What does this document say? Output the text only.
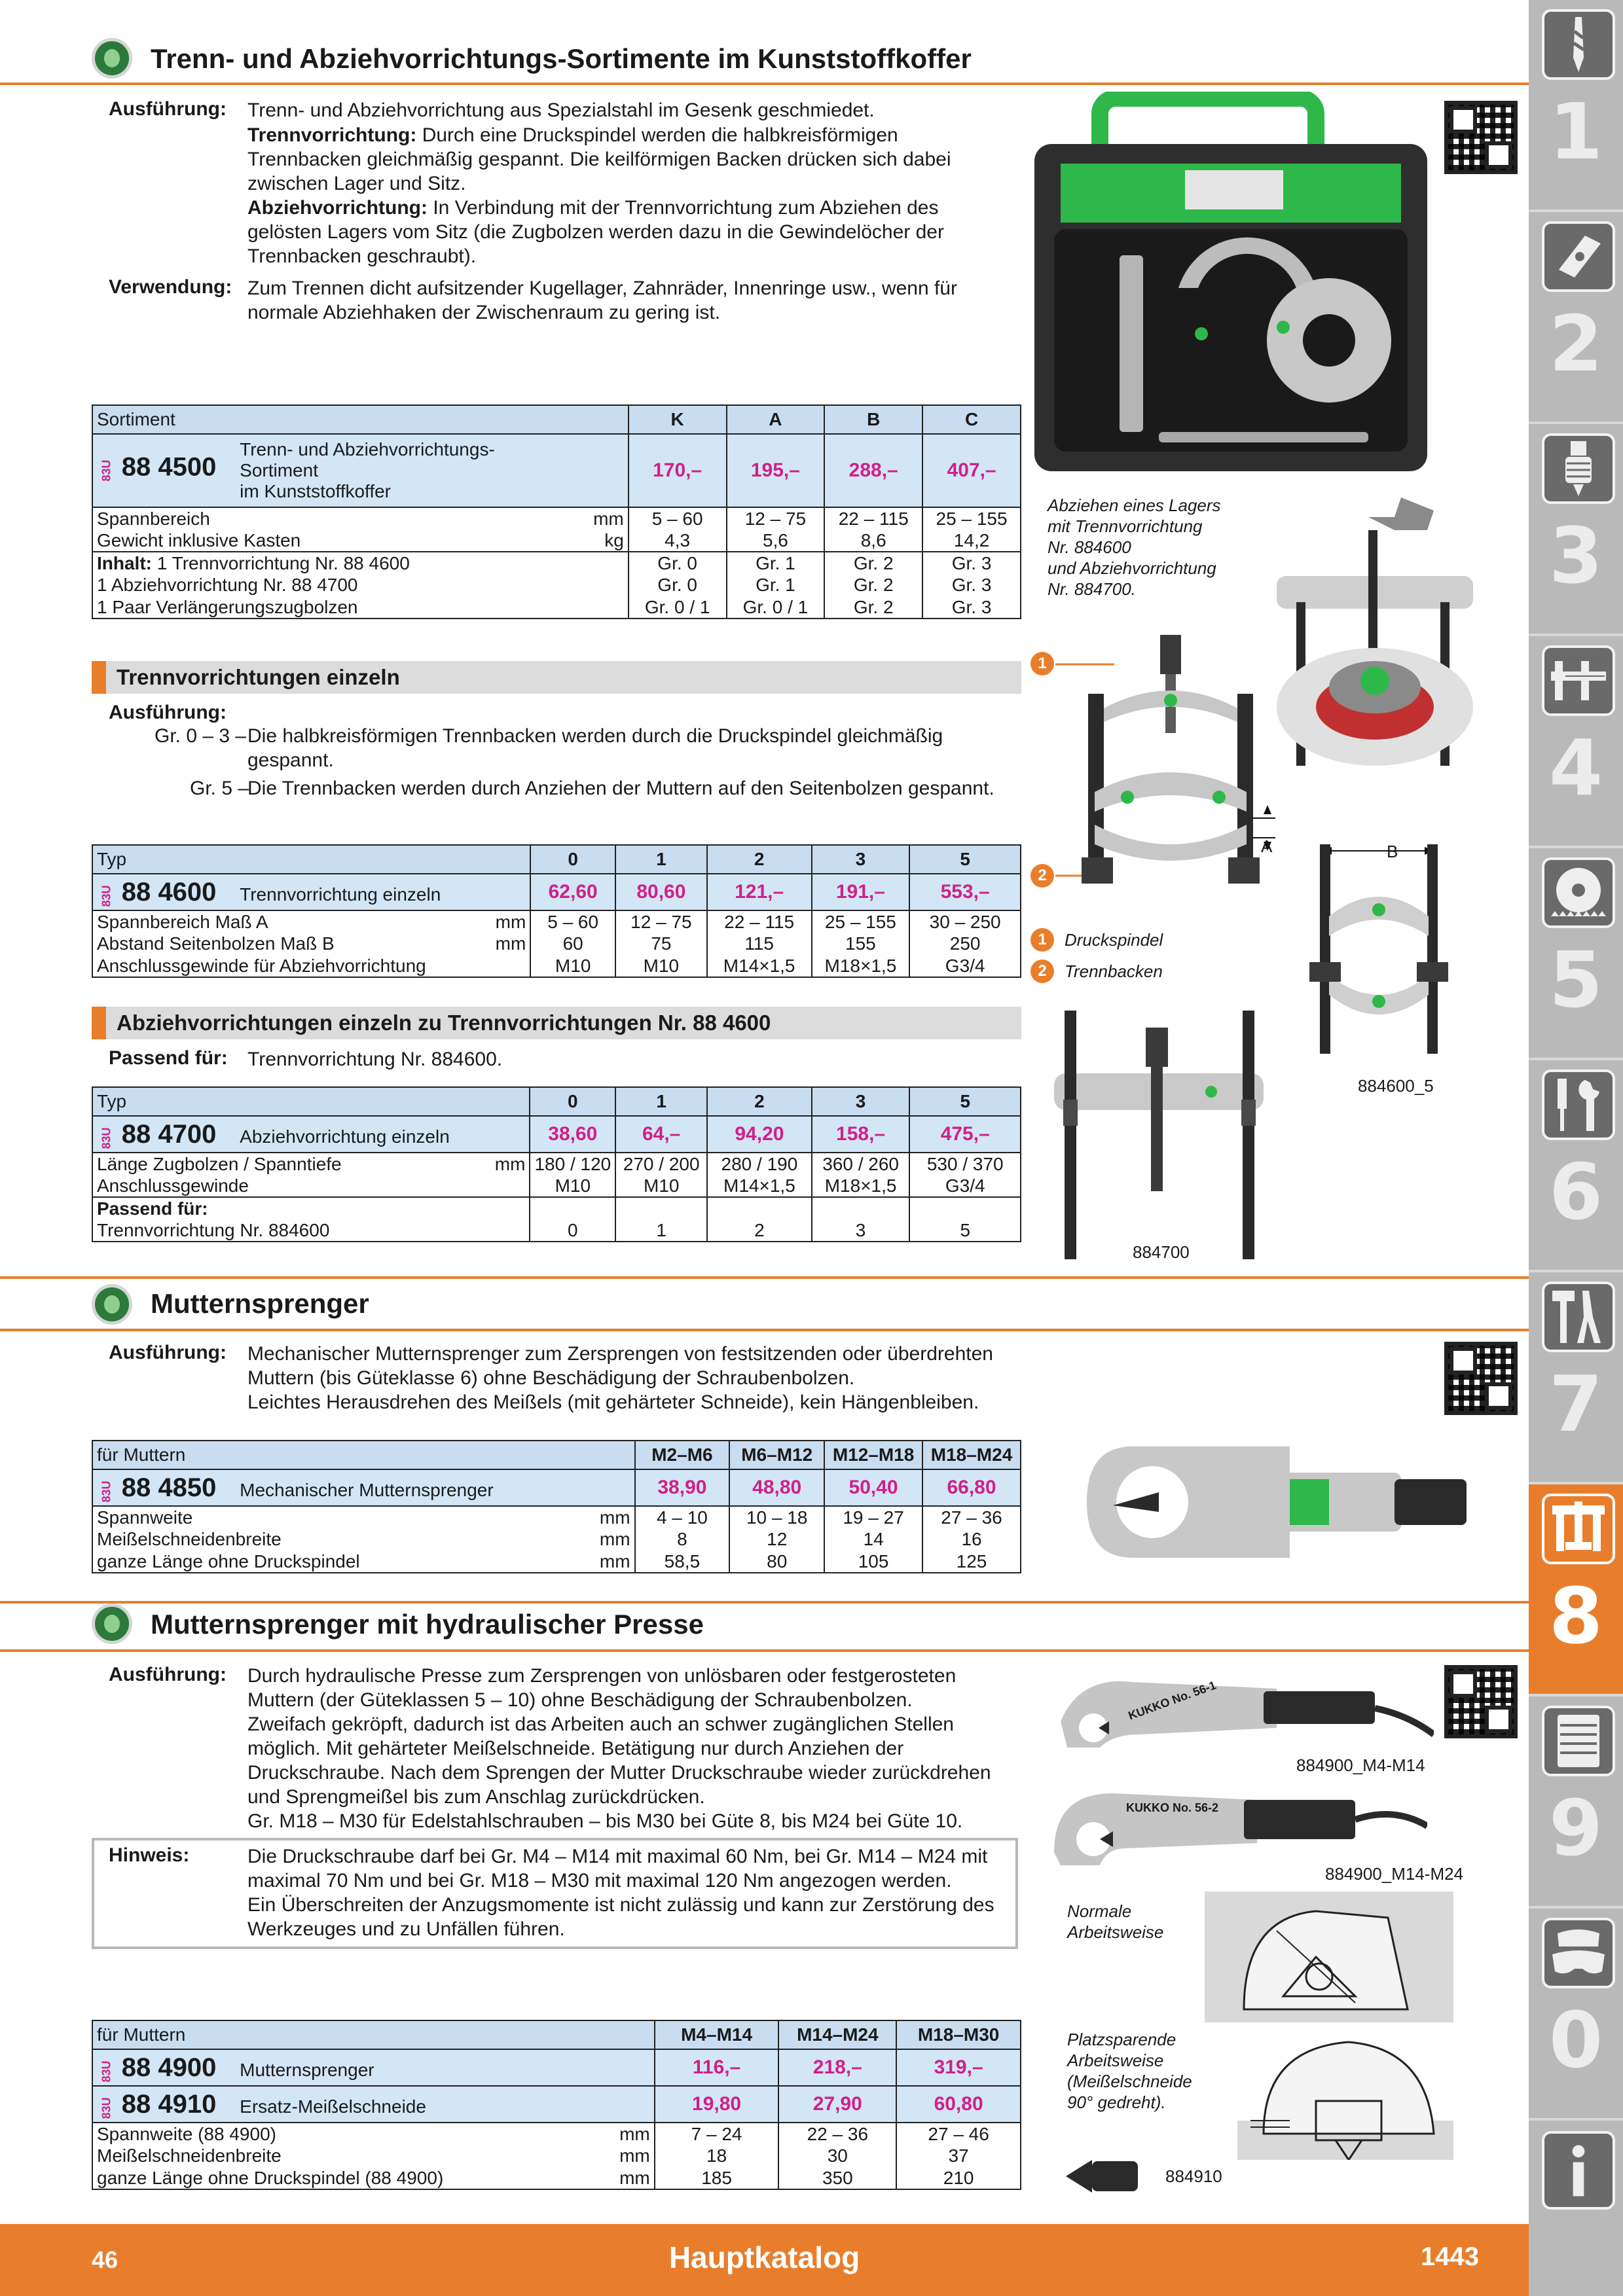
1
2
3
4
5
6
7
8
9
0
46	Hauptkatalog	1443
Trenn- und Abziehvorrichtungs-Sortimente im Kunststoffkoffer
Ausführung: Trenn- und Abziehvorrichtung aus Spezialstahl im Gesenk geschmiedet.
Trennvorrichtung: Durch eine Druckspindel werden die halbkreisförmigen
Trennbacken gleichmäßig gespannt. Die keilförmigen Backen drücken sich dabei
zwischen Lager und Sitz.
Abziehvorrichtung: In Verbindung mit der Trennvorrichtung zum Abziehen des
gelösten Lagers vom Sitz (die Zugbolzen werden dazu in die Gewindelöcher der
Trennbacken geschraubt).
Verwendung: Zum Trennen dicht aufsitzender Kugellager, Zahnräder, Innenringe usw., wenn für
normale Abziehhaken der Zwischenraum zu gering ist.
Abziehen eines Lagers
mit Trennvorrichtung
Nr. 884600
und Abziehvorrichtung
Nr. 884700.
Sortiment		K	A	B	C
83U 88 4500 Trenn- und Abziehvorrichtungs-
Sortiment
im Kunststoffkoffer		170,–	195,–	288,–	407,–
Spannbereich	mm	5 – 60	12 – 75	22 – 115	25 – 155
Gewicht inklusive Kasten	kg	4,3	5,6	8,6	14,2
Inhalt: 1 Trennvorrichtung Nr. 88 4600		Gr. 0	Gr. 1	Gr. 2	Gr. 3
1 Abziehvorrichtung Nr. 88 4700		Gr. 0	Gr. 1	Gr. 2	Gr. 3
1 Paar Verlängerungszugbolzen		Gr. 0 / 1	Gr. 0 / 1	Gr. 2	Gr. 3
Trennvorrichtungen einzeln
Ausführung:
Gr. 0 – 3 – Die halbkreisförmigen Trennbacken werden durch die Druckspindel gleichmäßig
gespannt.
Gr. 5 –
Die Trennbacken werden durch Anziehen der Muttern auf den Seitenbolzen gespannt.
1
2
A
1	Druckspindel
2	Trennbacken
B
884600_5
Typ		0	1	2	3	5
83U 88 4600 Trennvorrichtung einzeln		62,60	80,60	121,–	191,–	553,–
Spannbereich Maß A	mm	5 – 60	12 – 75	22 – 115	25 – 155	30 – 250
Abstand Seitenbolzen Maß B	mm	60	75	115	155	250
Anschlussgewinde für Abziehvorrichtung		M10	M10	M14×1,5	M18×1,5	G3/4
Abziehvorrichtungen einzeln zu Trennvorrichtungen Nr. 88 4600
Passend für: Trennvorrichtung Nr. 884600.
884700
Typ		0	1	2	3	5
83U 88 4700 Abziehvorrichtung einzeln		38,60	64,–	94,20	158,–	475,–
Länge Zugbolzen / Spanntiefe	mm	180 / 120	270 / 200	280 / 190	360 / 260	530 / 370
Anschlussgewinde		M10	M10	M14×1,5	M18×1,5	G3/4
Passend für:						
Trennvorrichtung Nr. 884600		0	1	2	3	5
Mutternsprenger
Ausführung: Mechanischer Mutternsprenger zum Zersprengen von festsitzenden oder überdrehten
Muttern (bis Güteklasse 6) ohne Beschädigung der Schraubenbolzen.
Leichtes Herausdrehen des Meißels (mit gehärteter Schneide), kein Hängenbleiben.
für Muttern		M2–M6	M6–M12	M12–M18	M18–M24
83U 88 4850 Mechanischer Mutternsprenger		38,90	48,80	50,40	66,80
Spannweite	mm	4 – 10	10 – 18	19 – 27	27 – 36
Meißelschneidenbreite	mm	8	12	14	16
ganze Länge ohne Druckspindel	mm	58,5	80	105	125
Mutternsprenger mit hydraulischer Presse
Ausführung: Durch hydraulische Presse zum Zersprengen von unlösbaren oder festgerosteten
Muttern (der Güteklassen 5 – 10) ohne Beschädigung der Schraubenbolzen.
Zweifach gekröpft, dadurch ist das Arbeiten auch an schwer zugänglichen Stellen
möglich. Mit gehärteter Meißelschneide. Betätigung nur durch Anziehen der
Druckschraube. Nach dem Sprengen der Mutter Druckschraube wieder zurückdrehen
und Sprengmeißel bis zum Anschlag zurückdrücken.
Gr. M18 – M30 für Edelstahlschrauben – bis M30 bei Güte 8, bis M24 bei Güte 10.
Hinweis:	Die Druckschraube darf bei Gr. M4 – M14 mit maximal 60 Nm, bei Gr. M14 – M24 mit
maximal 70 Nm und bei Gr. M18 – M30 mit maximal 120 Nm angezogen werden.
Ein Überschreiten der Anzugsmomente ist nicht zulässig und kann zur Zerstörung des
Werkzeuges und zu Unfällen führen.
884900_M4-M14
KUKKO No. 56-1
884900_M14-M24
KUKKO No. 56-2
Normale
Arbeitsweise
Platzsparende
Arbeitsweise
(Meißelschneide
90° gedreht).
884910
für Muttern		M4–M14	M14–M24	M18–M30
83U 88 4900 Mutternsprenger		116,–	218,–	319,–
83U 88 4910 Ersatz-Meißelschneide		19,80	27,90	60,80
Spannweite (88 4900)	mm	7 – 24	22 – 36	27 – 46
Meißelschneidenbreite	mm	18	30	37
ganze Länge ohne Druckspindel (88 4900)	mm	185	350	210
